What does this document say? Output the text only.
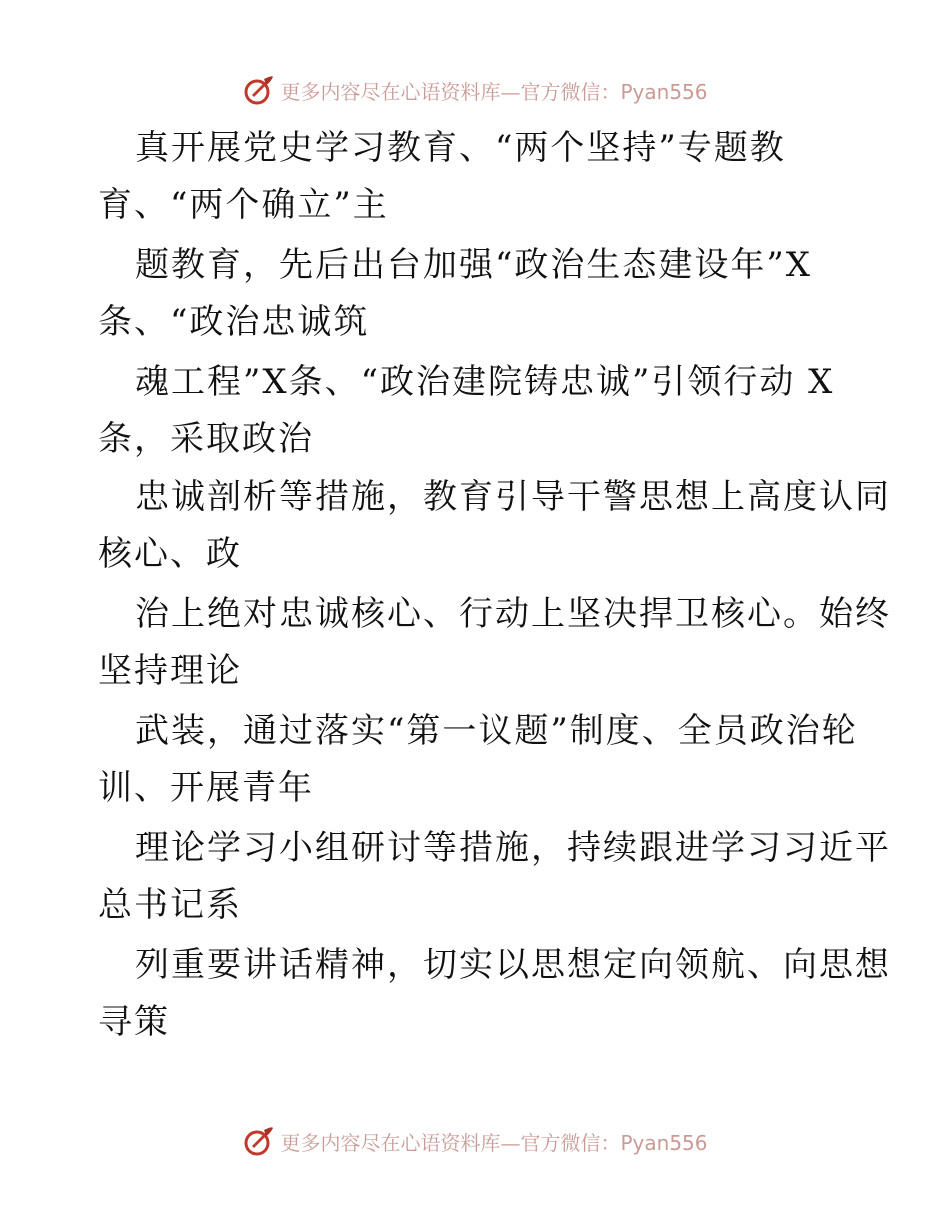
更多内容尽在心语资料库—官方微信：Pyan556
真开展党史学习教育、“两个坚持”专题教
育、“两个确立”主
题教育，先后出台加强“政治生态建设年”X
条、“政治忠诚筑
魂工程”X条、“政治建院铸忠诚”引领行动 X
条，采取政治
忠诚剖析等措施，教育引导干警思想上高度认同
核心、政
治上绝对忠诚核心、行动上坚决捍卫核心。始终
坚持理论
武装，通过落实“第一议题”制度、全员政治轮
训、开展青年
理论学习小组研讨等措施，持续跟进学习习近平
总书记系
列重要讲话精神，切实以思想定向领航、向思想
寻策
更多内容尽在心语资料库—官方微信：Pyan556
